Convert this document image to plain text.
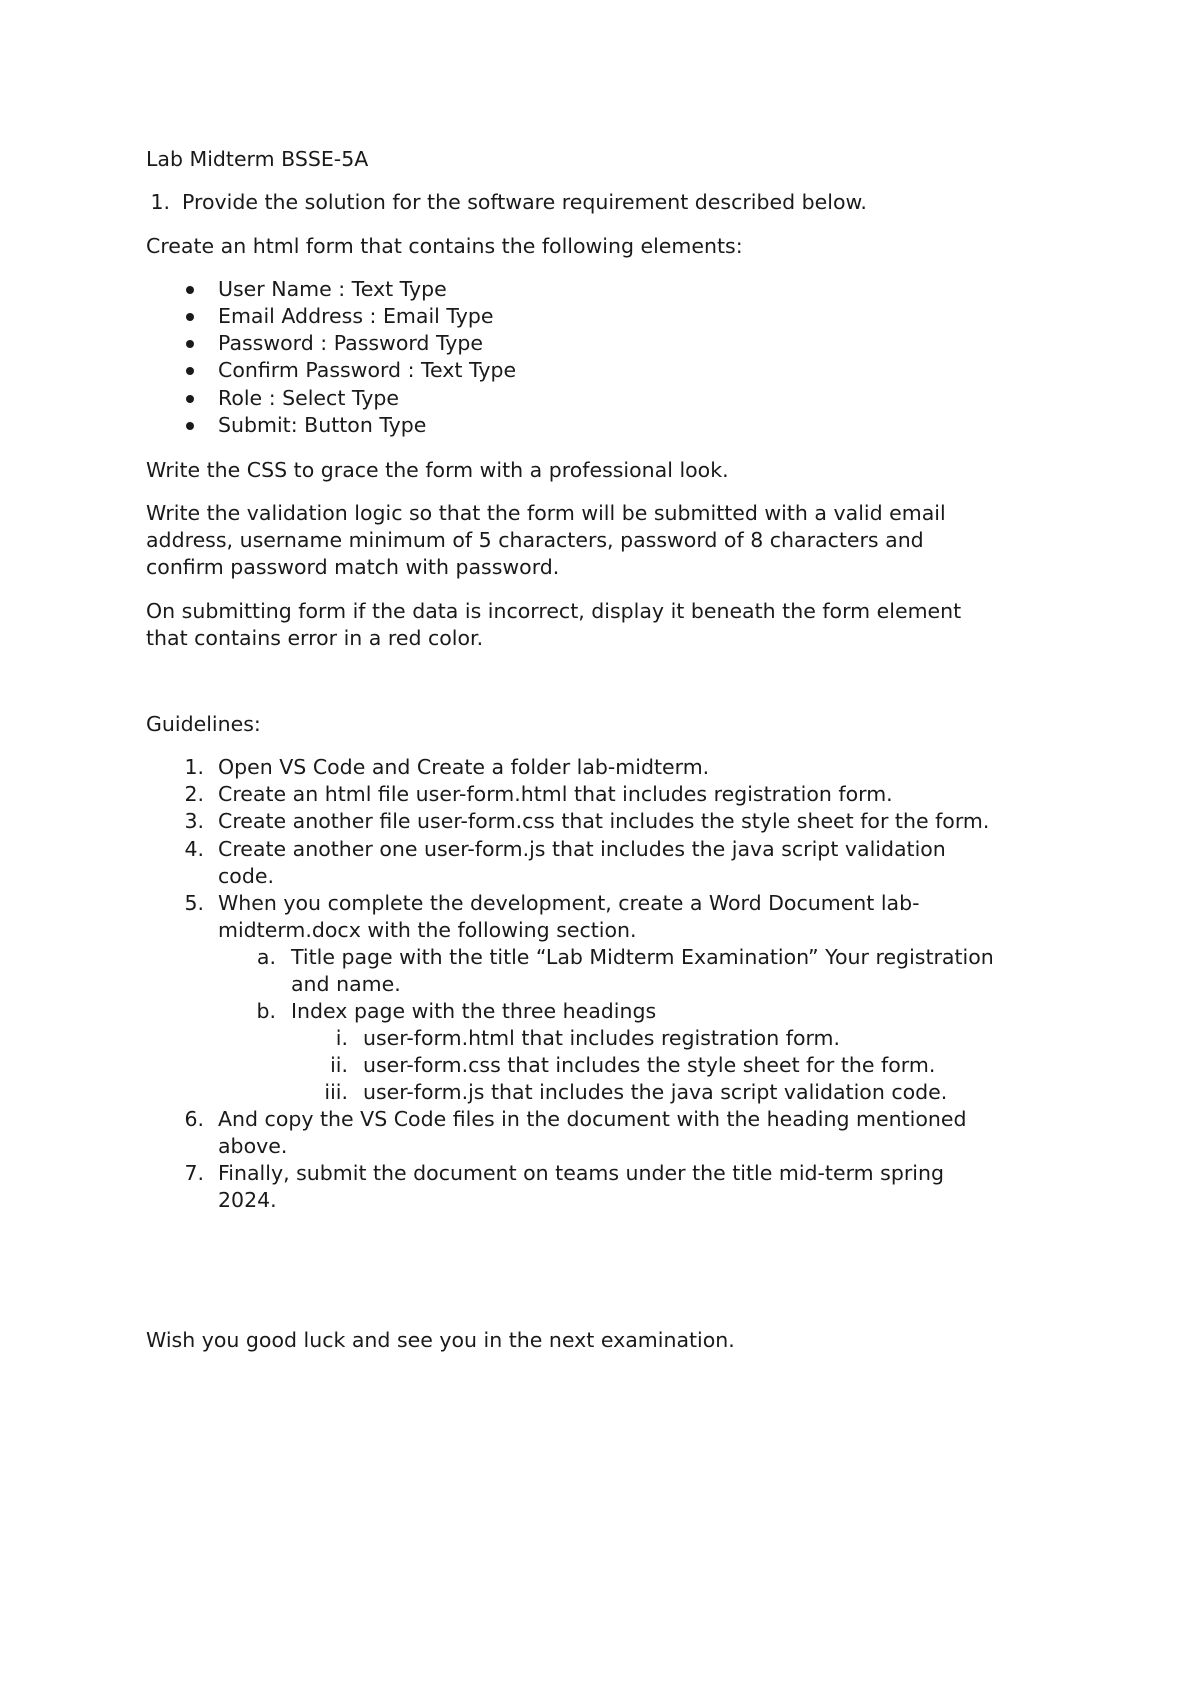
Lab Midterm BSSE-5A
1. Provide the solution for the software requirement described below.
Create an html form that contains the following elements:
User Name : Text Type
Email Address : Email Type
Password : Password Type
Confirm Password : Text Type
Role : Select Type
Submit: Button Type
Write the CSS to grace the form with a professional look.
Write the validation logic so that the form will be submitted with a valid email
address, username minimum of 5 characters, password of 8 characters and
confirm password match with password.
On submitting form if the data is incorrect, display it beneath the form element
that contains error in a red color.
Guidelines:
1. Open VS Code and Create a folder lab-midterm.
2. Create an html file user-form.html that includes registration form.
3. Create another file user-form.css that includes the style sheet for the form.
4. Create another one user-form.js that includes the java script validation
code.
5. When you complete the development, create a Word Document lab-
midterm.docx with the following section.
a. Title page with the title “Lab Midterm Examination” Your registration
and name.
b. Index page with the three headings
i. user-form.html that includes registration form.
ii. user-form.css that includes the style sheet for the form.
iii. user-form.js that includes the java script validation code.
6. And copy the VS Code files in the document with the heading mentioned
above.
7. Finally, submit the document on teams under the title mid-term spring
2024.
Wish you good luck and see you in the next examination.
